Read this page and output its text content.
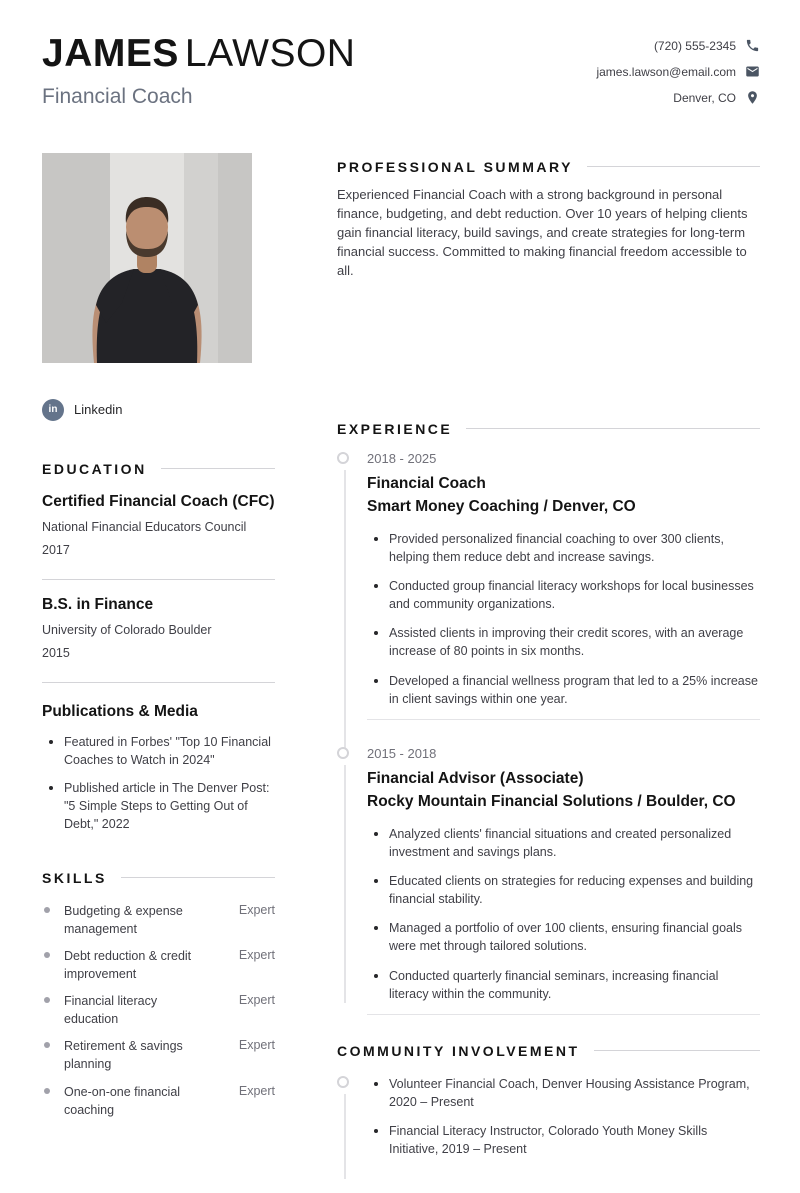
JAMES LAWSON
Financial Coach
(720) 555-2345
james.lawson@email.com
Denver, CO
in	Linkedin
EDUCATION
Certified Financial Coach (CFC)
National Financial Educators Council
2017
B.S. in Finance
University of Colorado Boulder
2015
Publications & Media
Featured in Forbes' "Top 10 Financial Coaches to Watch in 2024"
Published article in The Denver Post: "5 Simple Steps to Getting Out of Debt," 2022
SKILLS
Budgeting & expense management
Expert
Debt reduction & credit improvement
Expert
Financial literacy education
Expert
Retirement & savings planning
Expert
One-on-one financial coaching
Expert
PROFESSIONAL SUMMARY

Experienced Financial Coach with a strong background in personal finance, budgeting, and debt reduction. Over 10 years of helping clients gain financial literacy, build savings, and create strategies for long-term financial success. Committed to making financial freedom accessible to all.

EXPERIENCE
2018 - 2025
Financial Coach
Smart Money Coaching / Denver, CO
Provided personalized financial coaching to over 300 clients, helping them reduce debt and increase savings.
Conducted group financial literacy workshops for local businesses and community organizations.
Assisted clients in improving their credit scores, with an average increase of 80 points in six months.
Developed a financial wellness program that led to a 25% increase in client savings within one year.
2015 - 2018
Financial Advisor (Associate)
Rocky Mountain Financial Solutions / Boulder, CO
Analyzed clients' financial situations and created personalized investment and savings plans.
Educated clients on strategies for reducing expenses and building financial stability.
Managed a portfolio of over 100 clients, ensuring financial goals were met through tailored solutions.
Conducted quarterly financial seminars, increasing financial literacy within the community.
COMMUNITY INVOLVEMENT
Volunteer Financial Coach, Denver Housing Assistance Program, 2020 – Present
Financial Literacy Instructor, Colorado Youth Money Skills Initiative, 2019 – Present
